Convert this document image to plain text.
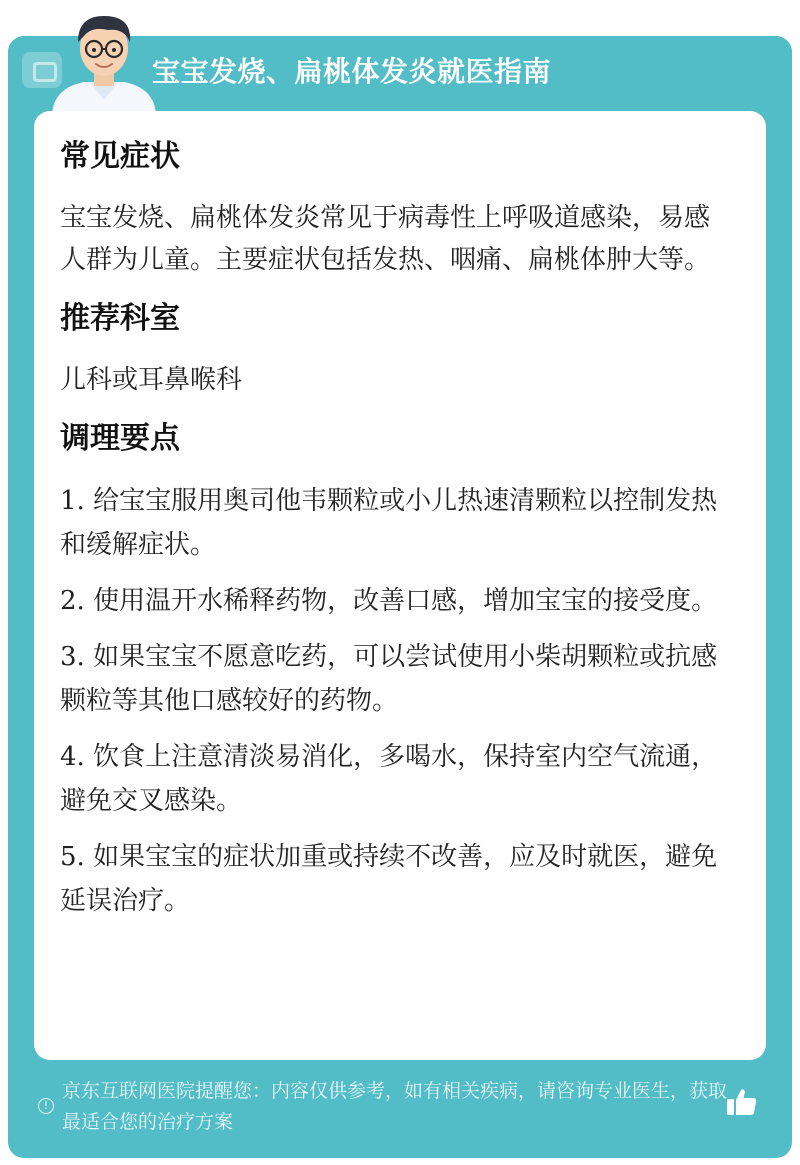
宝宝发烧、扁桃体发炎就医指南
常见症状

宝宝发烧、扁桃体发炎常见于病毒性上呼吸道感染，易感人群为儿童。主要症状包括发热、咽痛、扁桃体肿大等。

推荐科室

儿科或耳鼻喉科

调理要点

1. 给宝宝服用奥司他韦颗粒或小儿热速清颗粒以控制发热和缓解症状。

2. 使用温开水稀释药物，改善口感，增加宝宝的接受度。

3. 如果宝宝不愿意吃药，可以尝试使用小柴胡颗粒或抗感颗粒等其他口感较好的药物。

4. 饮食上注意清淡易消化，多喝水，保持室内空气流通，避免交叉感染。

5. 如果宝宝的症状加重或持续不改善，应及时就医，避免延误治疗。

!
京东互联网医院提醒您：内容仅供参考，如有相关疾病，请咨询专业医生，获取最适合您的治疗方案
